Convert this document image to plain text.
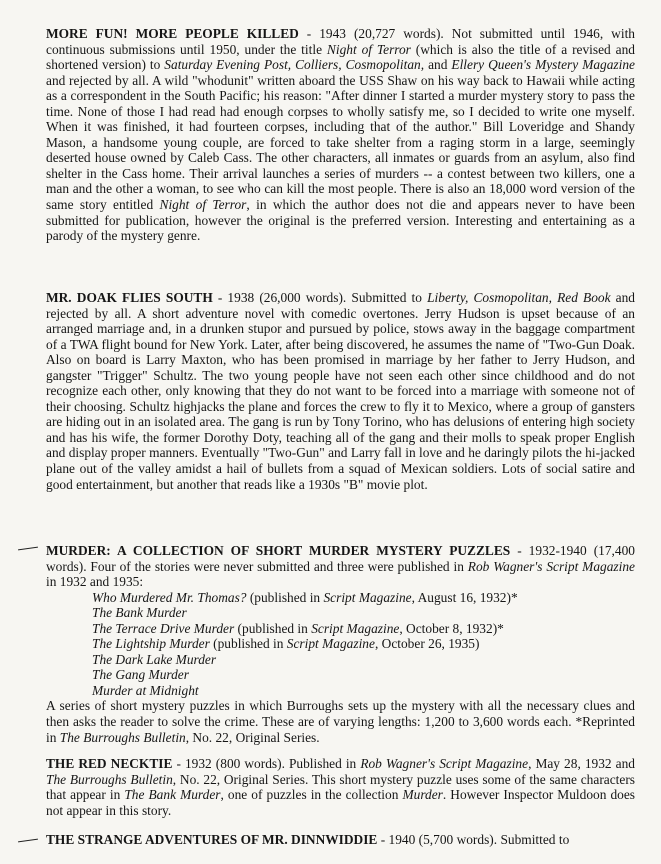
MORE FUN! MORE PEOPLE KILLED - 1943 (20,727 words). Not submitted until 1946, with continuous submissions until 1950, under the title Night of Terror (which is also the title of a revised and shortened version) to Saturday Evening Post, Colliers, Cosmopolitan, and Ellery Queen's Mystery Magazine and rejected by all. A wild "whodunit" written aboard the USS Shaw on his way back to Hawaii while acting as a correspondent in the South Pacific; his reason: "After dinner I started a murder mystery story to pass the time. None of those I had read had enough corpses to wholly satisfy me, so I decided to write one myself. When it was finished, it had fourteen corpses, including that of the author." Bill Loveridge and Shandy Mason, a handsome young couple, are forced to take shelter from a raging storm in a large, seemingly deserted house owned by Caleb Cass. The other characters, all inmates or guards from an asylum, also find shelter in the Cass home. Their arrival launches a series of murders -- a contest between two killers, one a man and the other a woman, to see who can kill the most people. There is also an 18,000 word version of the same story entitled Night of Terror, in which the author does not die and appears never to have been submitted for publication, however the original is the preferred version. Interesting and entertaining as a parody of the mystery genre.

MR. DOAK FLIES SOUTH - 1938 (26,000 words). Submitted to Liberty, Cosmopolitan, Red Book and rejected by all. A short adventure novel with comedic overtones. Jerry Hudson is upset because of an arranged marriage and, in a drunken stupor and pursued by police, stows away in the baggage compartment of a TWA flight bound for New York. Later, after being discovered, he assumes the name of "Two-Gun Doak. Also on board is Larry Maxton, who has been promised in marriage by her father to Jerry Hudson, and gangster "Trigger" Schultz. The two young people have not seen each other since childhood and do not recognize each other, only knowing that they do not want to be forced into a marriage with someone not of their choosing. Schultz highjacks the plane and forces the crew to fly it to Mexico, where a group of gansters are hiding out in an isolated area. The gang is run by Tony Torino, who has delusions of entering high society and has his wife, the former Dorothy Doty, teaching all of the gang and their molls to speak proper English and display proper manners. Eventually "Two-Gun" and Larry fall in love and he daringly pilots the hi-jacked plane out of the valley amidst a hail of bullets from a squad of Mexican soldiers. Lots of social satire and good entertainment, but another that reads like a 1930s "B" movie plot.

MURDER: A COLLECTION OF SHORT MURDER MYSTERY PUZZLES - 1932-1940 (17,400 words). Four of the stories were never submitted and three were published in Rob Wagner's Script Magazine in 1932 and 1935:

Who Murdered Mr. Thomas? (published in Script Magazine, August 16, 1932)*
The Bank Murder
The Terrace Drive Murder (published in Script Magazine, October 8, 1932)*
The Lightship Murder (published in Script Magazine, October 26, 1935)
The Dark Lake Murder
The Gang Murder
Murder at Midnight

A series of short mystery puzzles in which Burroughs sets up the mystery with all the necessary clues and then asks the reader to solve the crime. These are of varying lengths: 1,200 to 3,600 words each. *Reprinted in The Burroughs Bulletin, No. 22, Original Series.

THE RED NECKTIE - 1932 (800 words). Published in Rob Wagner's Script Magazine, May 28, 1932 and The Burroughs Bulletin, No. 22, Original Series. This short mystery puzzle uses some of the same characters that appear in The Bank Murder, one of puzzles in the collection Murder. However Inspector Muldoon does not appear in this story.

THE STRANGE ADVENTURES OF MR. DINNWIDDIE - 1940 (5,700 words). Submitted to
